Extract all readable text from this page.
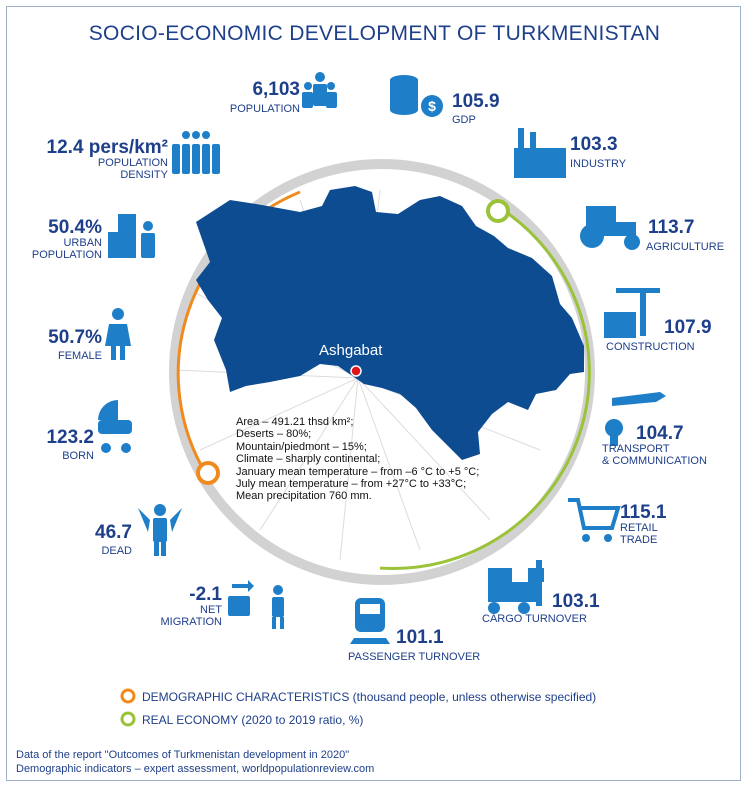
SOCIO-ECONOMIC DEVELOPMENT OF TURKMENISTAN
$
Ashgabat
6,103
POPULATION
12.4 pers/km²
POPULATION
DENSITY
50.4%
URBAN
POPULATION
50.7%
FEMALE
123.2
BORN
46.7
DEAD
-2.1
NET
MIGRATION
105.9
GDP
103.3
INDUSTRY
113.7
AGRICULTURE
107.9
CONSTRUCTION
104.7
TRANSPORT
& COMMUNICATION
115.1
RETAIL
TRADE
103.1
CARGO TURNOVER
101.1
PASSENGER TURNOVER
Area – 491.21 thsd km²;
Deserts – 80%;
Mountain/piedmont – 15%;
Climate – sharply continental;
January mean temperature – from –6 °C to +5 °C;
July mean temperature – from +27°C to +33°C;
Mean precipitation 760 mm.
DEMOGRAPHIC CHARACTERISTICS (thousand people, unless otherwise specified)
REAL ECONOMY (2020 to 2019 ratio, %)
Data of the report "Outcomes of Turkmenistan development in 2020"
Demographic indicators – expert assessment, worldpopulationreview.com
